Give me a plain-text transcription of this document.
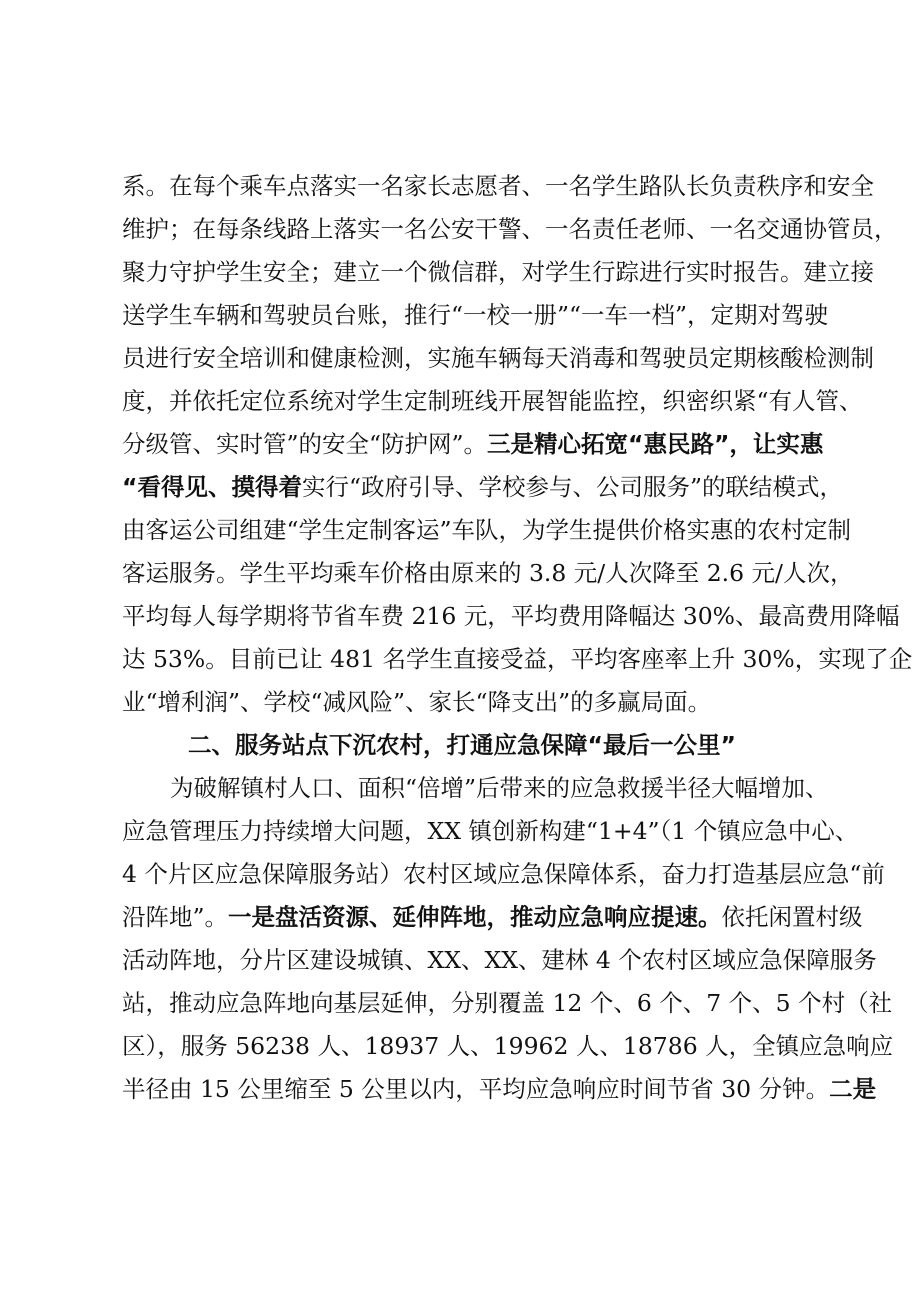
系。在每个乘车点落实一名家长志愿者、一名学生路队长负责秩序和安全
维护；在每条线路上落实一名公安干警、一名责任老师、一名交通协管员，
聚力守护学生安全；建立一个微信群，对学生行踪进行实时报告。建立接
送学生车辆和驾驶员台账，推行“一校一册”“一车一档”，定期对驾驶
员进行安全培训和健康检测，实施车辆每天消毒和驾驶员定期核酸检测制
度，并依托定位系统对学生定制班线开展智能监控，织密织紧“有人管、
分级管、实时管”的安全“防护网”。三是精心拓宽“惠民路”，让实惠
“看得见、摸得着实行“政府引导、学校参与、公司服务”的联结模式，
由客运公司组建“学生定制客运”车队，为学生提供价格实惠的农村定制
客运服务。学生平均乘车价格由原来的 3.8 元/人次降至 2.6 元/人次，
平均每人每学期将节省车费 216 元，平均费用降幅达 30%、最高费用降幅
达 53%。目前已让 481 名学生直接受益，平均客座率上升 30%，实现了企
业“增利润”、学校“减风险”、家长“降支出”的多赢局面。
二、服务站点下沉农村，打通应急保障“最后一公里”
为破解镇村人口、面积“倍增”后带来的应急救援半径大幅增加、
应急管理压力持续增大问题，XX 镇创新构建“1+4”（1 个镇应急中心、
4 个片区应急保障服务站）农村区域应急保障体系，奋力打造基层应急“前
沿阵地”。一是盘活资源、延伸阵地，推动应急响应提速。依托闲置村级
活动阵地，分片区建设城镇、XX、XX、建林 4 个农村区域应急保障服务
站，推动应急阵地向基层延伸，分别覆盖 12 个、6 个、7 个、5 个村（社
区），服务 56238 人、18937 人、19962 人、18786 人，全镇应急响应
半径由 15 公里缩至 5 公里以内，平均应急响应时间节省 30 分钟。二是
